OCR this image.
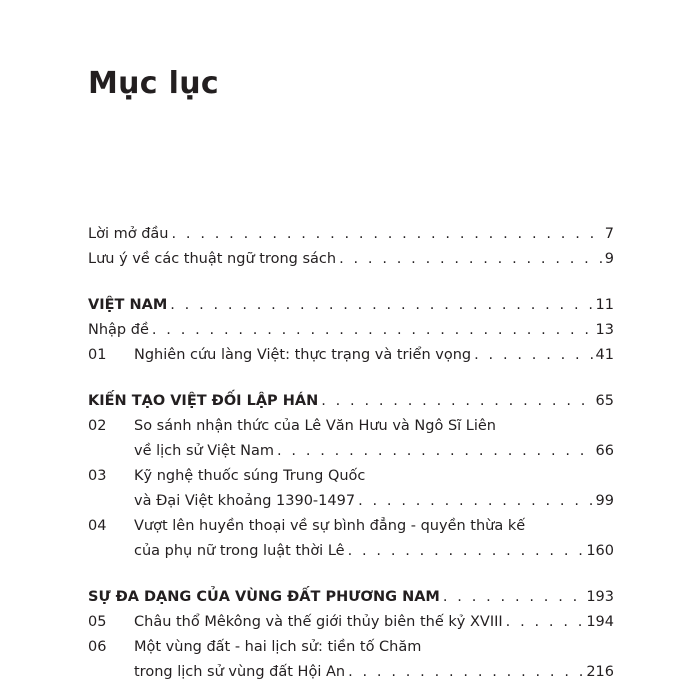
Mục lục
Lời mở đầu . . .	7
Lưu ý về các thuật ngữ trong sách . . .	9
VIỆT NAM . . .	11
Nhập đề . . .	13
01	Nghiên cứu làng Việt: thực trạng và triển vọng . . .	41
KIẾN TẠO VIỆT ĐỐI LẬP HÁN . . .	65
02	So sánh nhận thức của Lê Văn Hưu và Ngô Sĩ Liên
về lịch sử Việt Nam . . .	66
03	Kỹ nghệ thuốc súng Trung Quốc
và Đại Việt khoảng 1390-1497 . . .	99
04	Vượt lên huyền thoại về sự bình đẳng - quyền thừa kế
của phụ nữ trong luật thời Lê . . .	160
SỰ ĐA DẠNG CỦA VÙNG ĐẤT PHƯƠNG NAM . . .	193
05	Châu thổ Mêkông và thế giới thủy biên thế kỷ XVIII . . .	194
06	Một vùng đất - hai lịch sử: tiền tố Chăm
trong lịch sử vùng đất Hội An . . .	216
